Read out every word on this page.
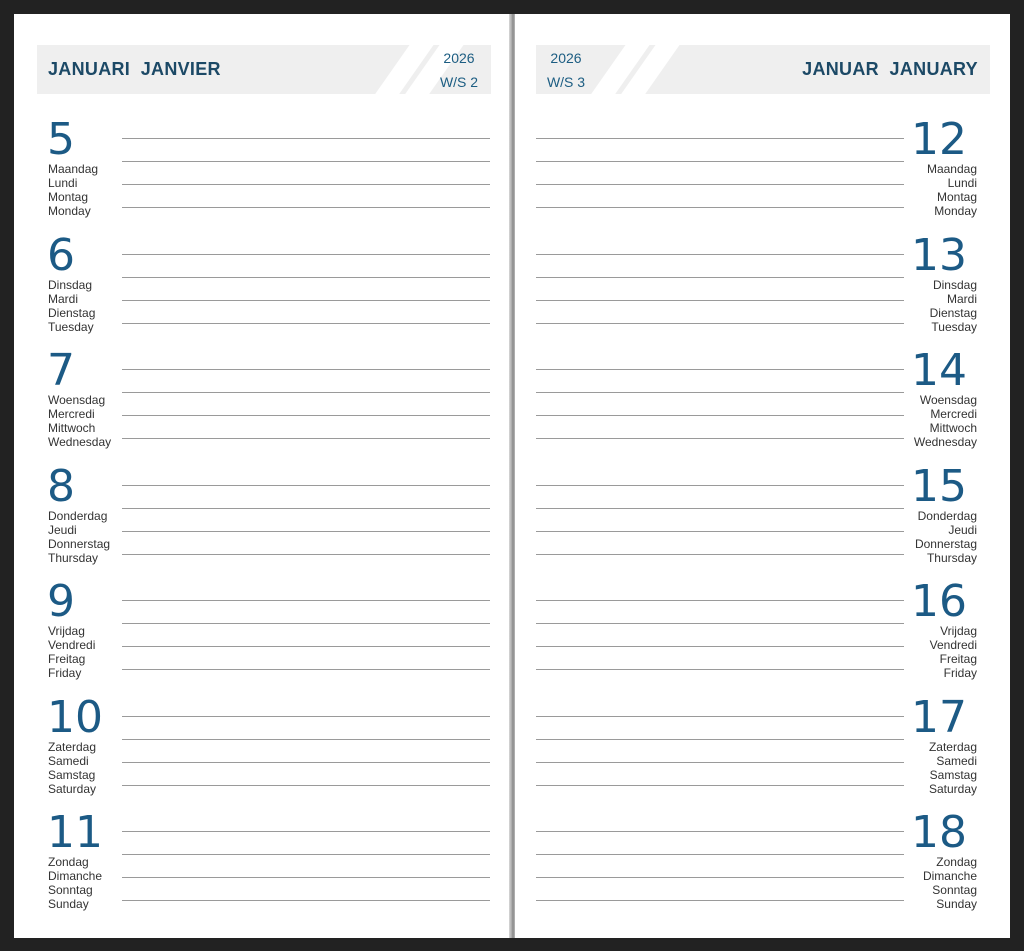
JANUARI  JANVIER
2026
W/S 2
5
Maandag
Lundi
Montag
Monday
6
Dinsdag
Mardi
Dienstag
Tuesday
7
Woensdag
Mercredi
Mittwoch
Wednesday
8
Donderdag
Jeudi
Donnerstag
Thursday
9
Vrijdag
Vendredi
Freitag
Friday
10
Zaterdag
Samedi
Samstag
Saturday
11
Zondag
Dimanche
Sonntag
Sunday
2026
W/S 3
JANUAR  JANUARY
12
Maandag
Lundi
Montag
Monday
13
Dinsdag
Mardi
Dienstag
Tuesday
14
Woensdag
Mercredi
Mittwoch
Wednesday
15
Donderdag
Jeudi
Donnerstag
Thursday
16
Vrijdag
Vendredi
Freitag
Friday
17
Zaterdag
Samedi
Samstag
Saturday
18
Zondag
Dimanche
Sonntag
Sunday
